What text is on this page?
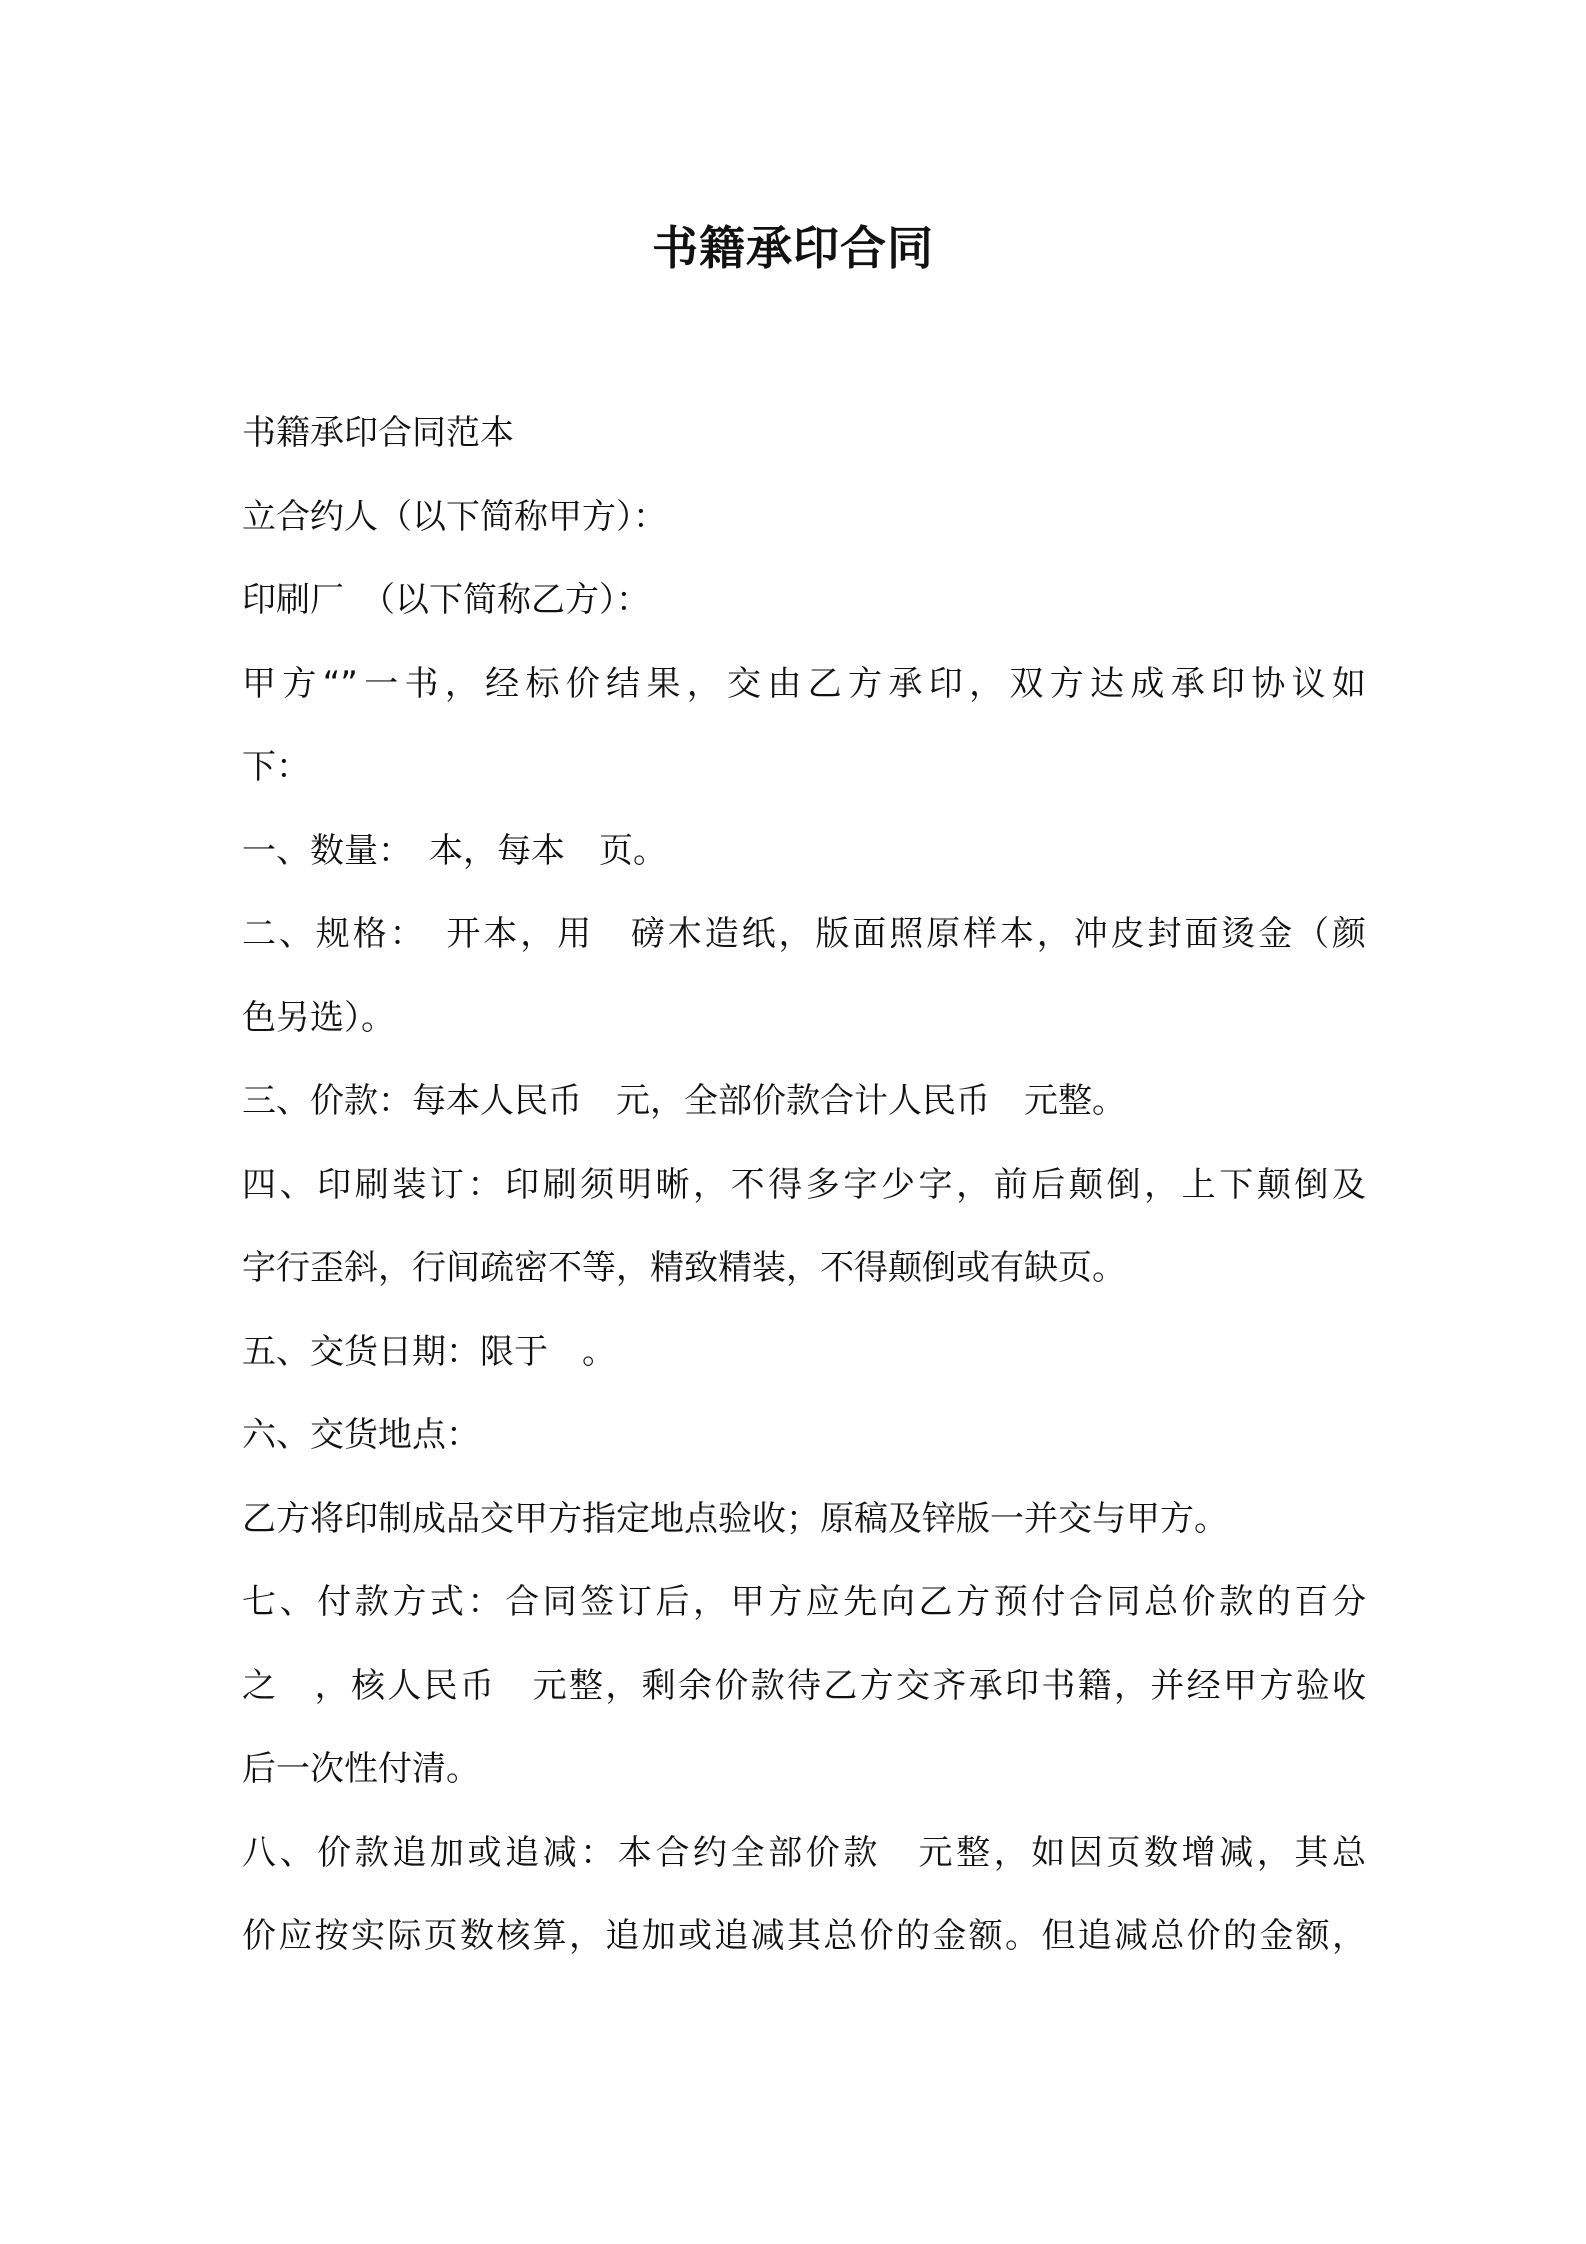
书籍承印合同
书籍承印合同范本
立合约人（以下简称甲方）：
印刷厂　（以下简称乙方）：
甲方“”一书，经标价结果，交由乙方承印，双方达成承印协议如
下：
一、数量：　本，每本　页。
二、规格：　开本，用　磅木造纸，版面照原样本，冲皮封面烫金（颜
色另选）。
三、价款：每本人民币　元，全部价款合计人民币　元整。
四、印刷装订：印刷须明晰，不得多字少字，前后颠倒，上下颠倒及
字行歪斜，行间疏密不等，精致精装，不得颠倒或有缺页。
五、交货日期：限于　。
六、交货地点：
乙方将印制成品交甲方指定地点验收；原稿及锌版一并交与甲方。
七、付款方式：合同签订后，甲方应先向乙方预付合同总价款的百分
之　，核人民币　元整，剩余价款待乙方交齐承印书籍，并经甲方验收
后一次性付清。
八、价款追加或追减：本合约全部价款　元整，如因页数增减，其总
价应按实际页数核算，追加或追减其总价的金额。但追减总价的金额，
